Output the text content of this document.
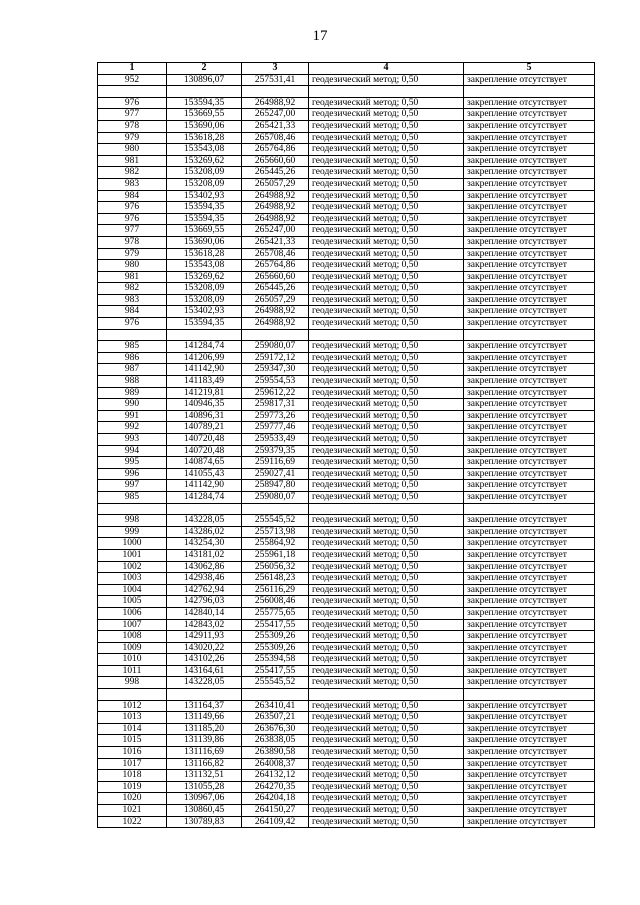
17
1	2	3	4	5
952	130896,07	257531,41	геодезический метод; 0,50	закрепление отсутствует

976	153594,35	264988,92	геодезический метод; 0,50	закрепление отсутствует
977	153669,55	265247,00	геодезический метод; 0,50	закрепление отсутствует
978	153690,06	265421,33	геодезический метод; 0,50	закрепление отсутствует
979	153618,28	265708,46	геодезический метод; 0,50	закрепление отсутствует
980	153543,08	265764,86	геодезический метод; 0,50	закрепление отсутствует
981	153269,62	265660,60	геодезический метод; 0,50	закрепление отсутствует
982	153208,09	265445,26	геодезический метод; 0,50	закрепление отсутствует
983	153208,09	265057,29	геодезический метод; 0,50	закрепление отсутствует
984	153402,93	264988,92	геодезический метод; 0,50	закрепление отсутствует
976	153594,35	264988,92	геодезический метод; 0,50	закрепление отсутствует
976	153594,35	264988,92	геодезический метод; 0,50	закрепление отсутствует
977	153669,55	265247,00	геодезический метод; 0,50	закрепление отсутствует
978	153690,06	265421,33	геодезический метод; 0,50	закрепление отсутствует
979	153618,28	265708,46	геодезический метод; 0,50	закрепление отсутствует
980	153543,08	265764,86	геодезический метод; 0,50	закрепление отсутствует
981	153269,62	265660,60	геодезический метод; 0,50	закрепление отсутствует
982	153208,09	265445,26	геодезический метод; 0,50	закрепление отсутствует
983	153208,09	265057,29	геодезический метод; 0,50	закрепление отсутствует
984	153402,93	264988,92	геодезический метод; 0,50	закрепление отсутствует
976	153594,35	264988,92	геодезический метод; 0,50	закрепление отсутствует

985	141284,74	259080,07	геодезический метод; 0,50	закрепление отсутствует
986	141206,99	259172,12	геодезический метод; 0,50	закрепление отсутствует
987	141142,90	259347,30	геодезический метод; 0,50	закрепление отсутствует
988	141183,49	259554,53	геодезический метод; 0,50	закрепление отсутствует
989	141219,81	259612,22	геодезический метод; 0,50	закрепление отсутствует
990	140946,35	259817,31	геодезический метод; 0,50	закрепление отсутствует
991	140896,31	259773,26	геодезический метод; 0,50	закрепление отсутствует
992	140789,21	259777,46	геодезический метод; 0,50	закрепление отсутствует
993	140720,48	259533,49	геодезический метод; 0,50	закрепление отсутствует
994	140720,48	259379,35	геодезический метод; 0,50	закрепление отсутствует
995	140874,65	259116,69	геодезический метод; 0,50	закрепление отсутствует
996	141055,43	259027,41	геодезический метод; 0,50	закрепление отсутствует
997	141142,90	258947,80	геодезический метод; 0,50	закрепление отсутствует
985	141284,74	259080,07	геодезический метод; 0,50	закрепление отсутствует

998	143228,05	255545,52	геодезический метод; 0,50	закрепление отсутствует
999	143286,02	255713,98	геодезический метод; 0,50	закрепление отсутствует
1000	143254,30	255864,92	геодезический метод; 0,50	закрепление отсутствует
1001	143181,02	255961,18	геодезический метод; 0,50	закрепление отсутствует
1002	143062,86	256056,32	геодезический метод; 0,50	закрепление отсутствует
1003	142938,46	256148,23	геодезический метод; 0,50	закрепление отсутствует
1004	142762,94	256116,29	геодезический метод; 0,50	закрепление отсутствует
1005	142796,03	256008,46	геодезический метод; 0,50	закрепление отсутствует
1006	142840,14	255775,65	геодезический метод; 0,50	закрепление отсутствует
1007	142843,02	255417,55	геодезический метод; 0,50	закрепление отсутствует
1008	142911,93	255309,26	геодезический метод; 0,50	закрепление отсутствует
1009	143020,22	255309,26	геодезический метод; 0,50	закрепление отсутствует
1010	143102,26	255394,58	геодезический метод; 0,50	закрепление отсутствует
1011	143164,61	255417,55	геодезический метод; 0,50	закрепление отсутствует
998	143228,05	255545,52	геодезический метод; 0,50	закрепление отсутствует

1012	131164,37	263410,41	геодезический метод; 0,50	закрепление отсутствует
1013	131149,66	263507,21	геодезический метод; 0,50	закрепление отсутствует
1014	131185,20	263676,30	геодезический метод; 0,50	закрепление отсутствует
1015	131139,86	263838,05	геодезический метод; 0,50	закрепление отсутствует
1016	131116,69	263890,58	геодезический метод; 0,50	закрепление отсутствует
1017	131166,82	264008,37	геодезический метод; 0,50	закрепление отсутствует
1018	131132,51	264132,12	геодезический метод; 0,50	закрепление отсутствует
1019	131055,28	264270,35	геодезический метод; 0,50	закрепление отсутствует
1020	130967,06	264204,18	геодезический метод; 0,50	закрепление отсутствует
1021	130860,45	264150,27	геодезический метод; 0,50	закрепление отсутствует
1022	130789,83	264109,42	геодезический метод; 0,50	закрепление отсутствует
